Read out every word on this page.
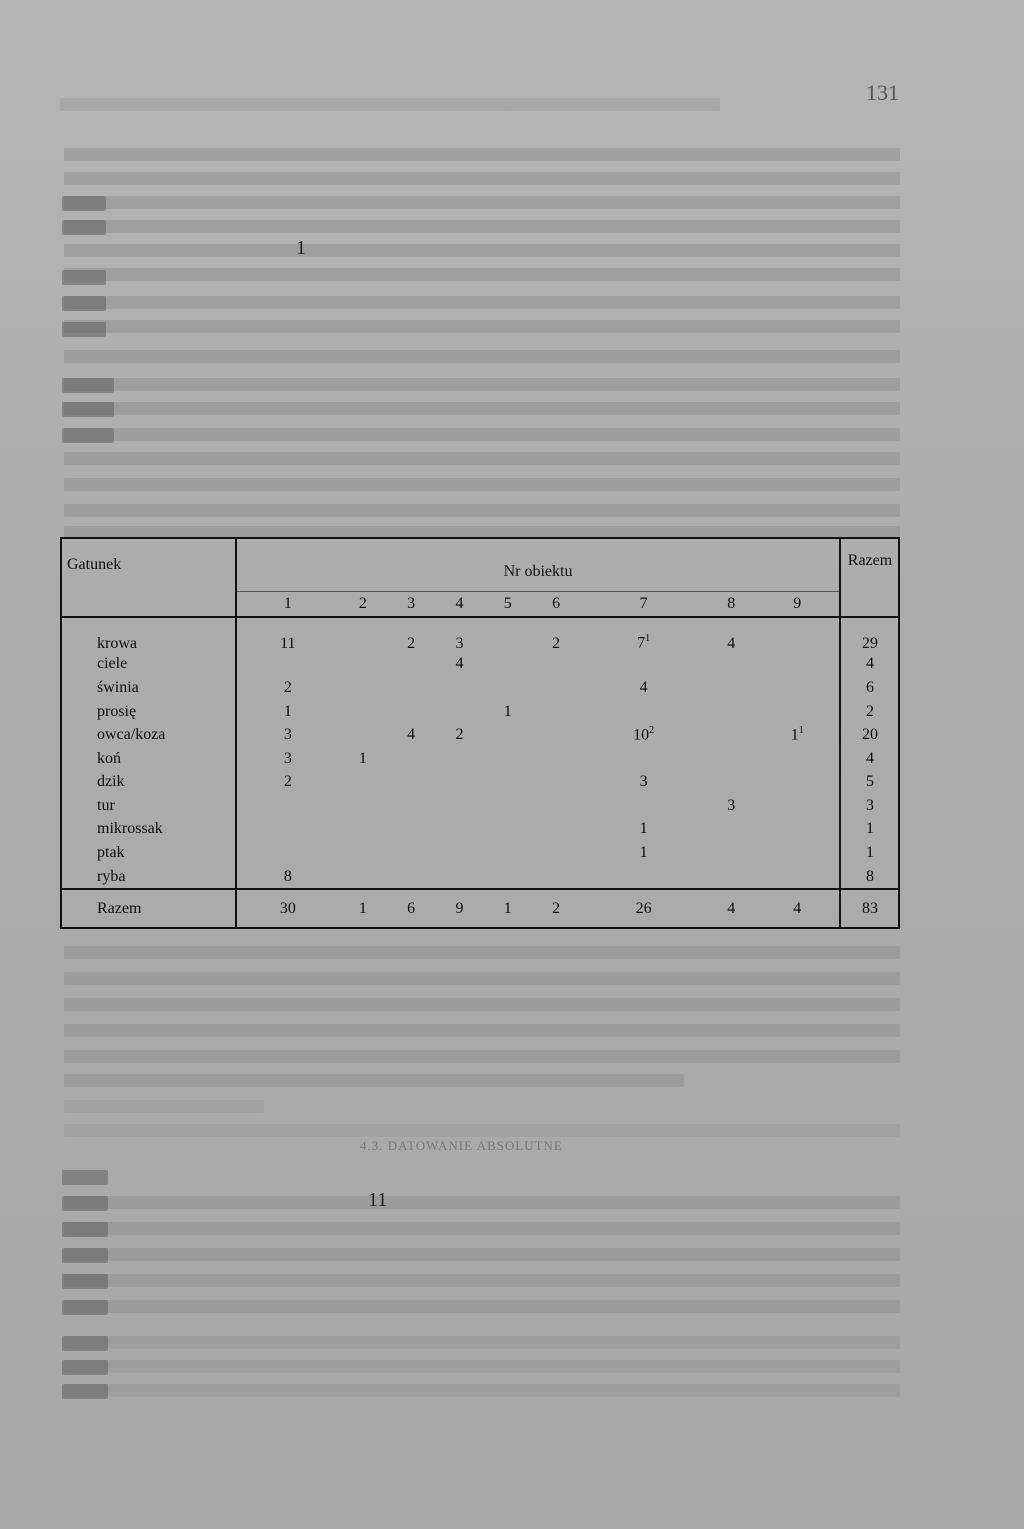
131
1
Gatunek	Nr obiektu									Razem
	1	2	3	4	5	6	7	8	9	
krowa	11		2	3		2	$7^1$	4		29
ciele				4						4
świnia	2						4			6
prosię	1				1					2
owca/koza	3		4	2			$10^2$		$1^1$	20
koń	3	1								4
dzik	2						3			5
tur								3		3
mikrossak							1			1
ptak							1			1
ryba	8									8
Razem	30	1	6	9	1	2	26	4	4	83
4.3. DATOWANIE ABSOLUTNE
11
